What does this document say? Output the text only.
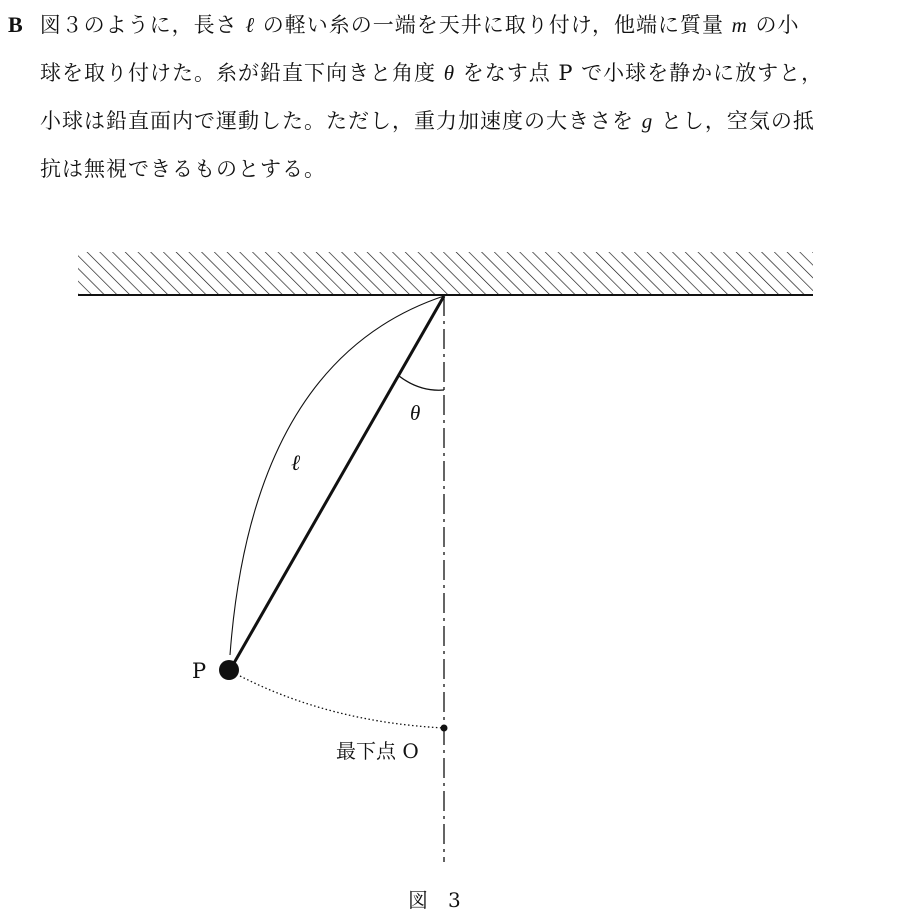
B 図３のように，長さ ℓ の軽い糸の一端を天井に取り付け，他端に質量 m の小
球を取り付けた。糸が鉛直下向きと角度 θ をなす点 P で小球を静かに放すと，
小球は鉛直面内で運動した。ただし，重力加速度の大きさを g とし，空気の抵
抗は無視できるものとする。
θ
ℓ
P
最下点 O
図　3
